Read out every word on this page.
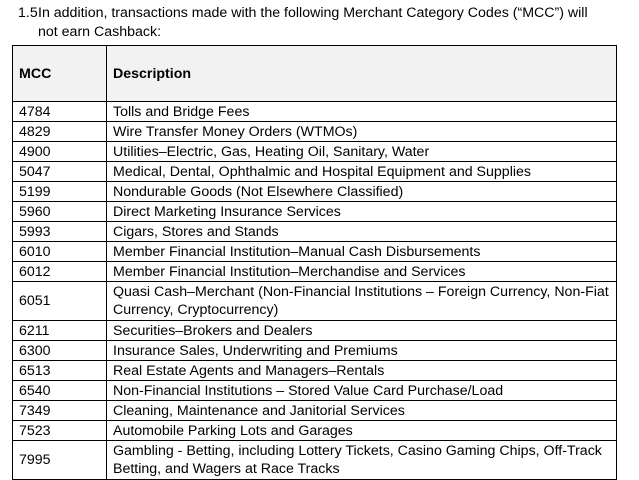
1.5In addition, transactions made with the following Merchant Category Codes (“MCC”) will
not earn Cashback:
MCC	Description
4784	Tolls and Bridge Fees
4829	Wire Transfer Money Orders (WTMOs)
4900	Utilities–Electric, Gas, Heating Oil, Sanitary, Water
5047	Medical, Dental, Ophthalmic and Hospital Equipment and Supplies
5199	Nondurable Goods (Not Elsewhere Classified)
5960	Direct Marketing Insurance Services
5993	Cigars, Stores and Stands
6010	Member Financial Institution–Manual Cash Disbursements
6012	Member Financial Institution–Merchandise and Services
6051	Quasi Cash–Merchant (Non-Financial Institutions – Foreign Currency, Non-Fiat Currency, Cryptocurrency)
6211	Securities–Brokers and Dealers
6300	Insurance Sales, Underwriting and Premiums
6513	Real Estate Agents and Managers–Rentals
6540	Non-Financial Institutions – Stored Value Card Purchase/Load
7349	Cleaning, Maintenance and Janitorial Services
7523	Automobile Parking Lots and Garages
7995	Gambling - Betting, including Lottery Tickets, Casino Gaming Chips, Off-Track Betting, and Wagers at Race Tracks
